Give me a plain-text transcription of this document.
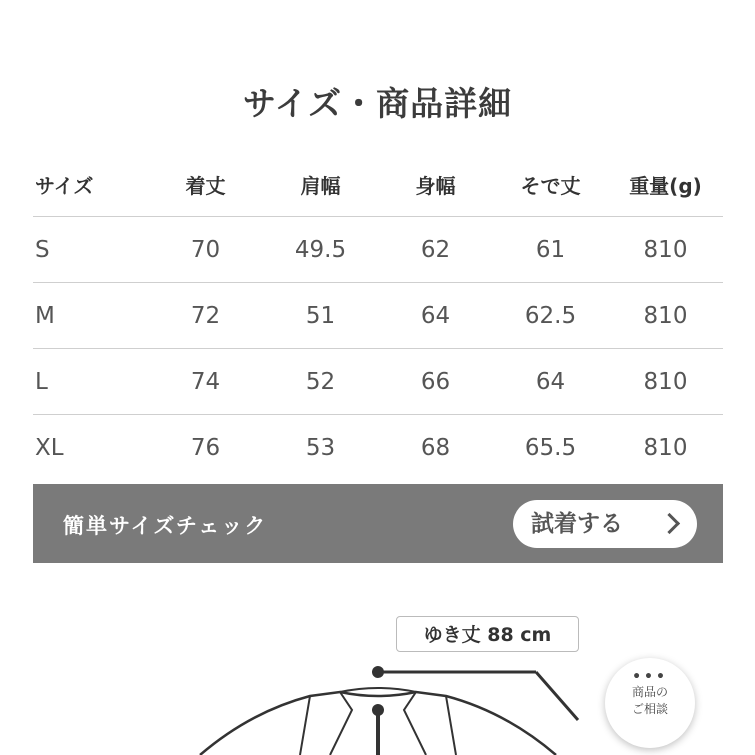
サイズ・商品詳細
サイズ	着丈	肩幅	身幅	そで丈	重量(g)
S	70	49.5	62	61	810
M	72	51	64	62.5	810
L	74	52	66	64	810
XL	76	53	68	65.5	810
簡単サイズチェック	試着する
ゆき丈 88 cm
•••
商品の
ご相談
